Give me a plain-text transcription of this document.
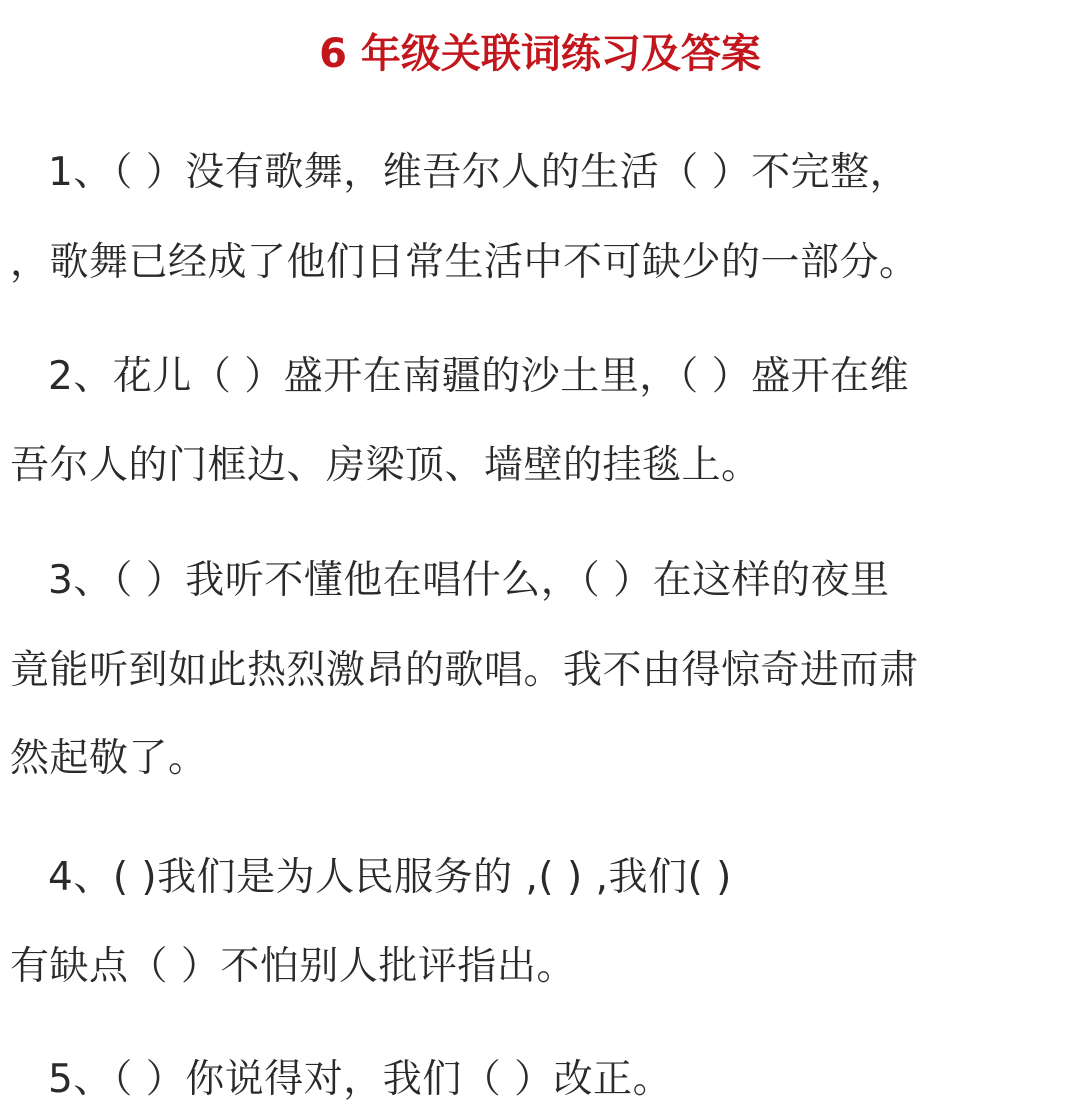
6 年级关联词练习及答案
1、（ ）没有歌舞，维吾尔人的生活（ ）不完整，
，歌舞已经成了他们日常生活中不可缺少的一部分。
2、花儿（ ）盛开在南疆的沙土里，（ ）盛开在维
吾尔人的门框边、房梁顶、墙壁的挂毯上。
3、（ ）我听不懂他在唱什么，（ ）在这样的夜里
竟能听到如此热烈激昂的歌唱。我不由得惊奇进而肃
然起敬了。
4、( )我们是为人民服务的 ,( ) ,我们( )
有缺点（ ）不怕别人批评指出。
5、（ ）你说得对，我们（ ）改正。
